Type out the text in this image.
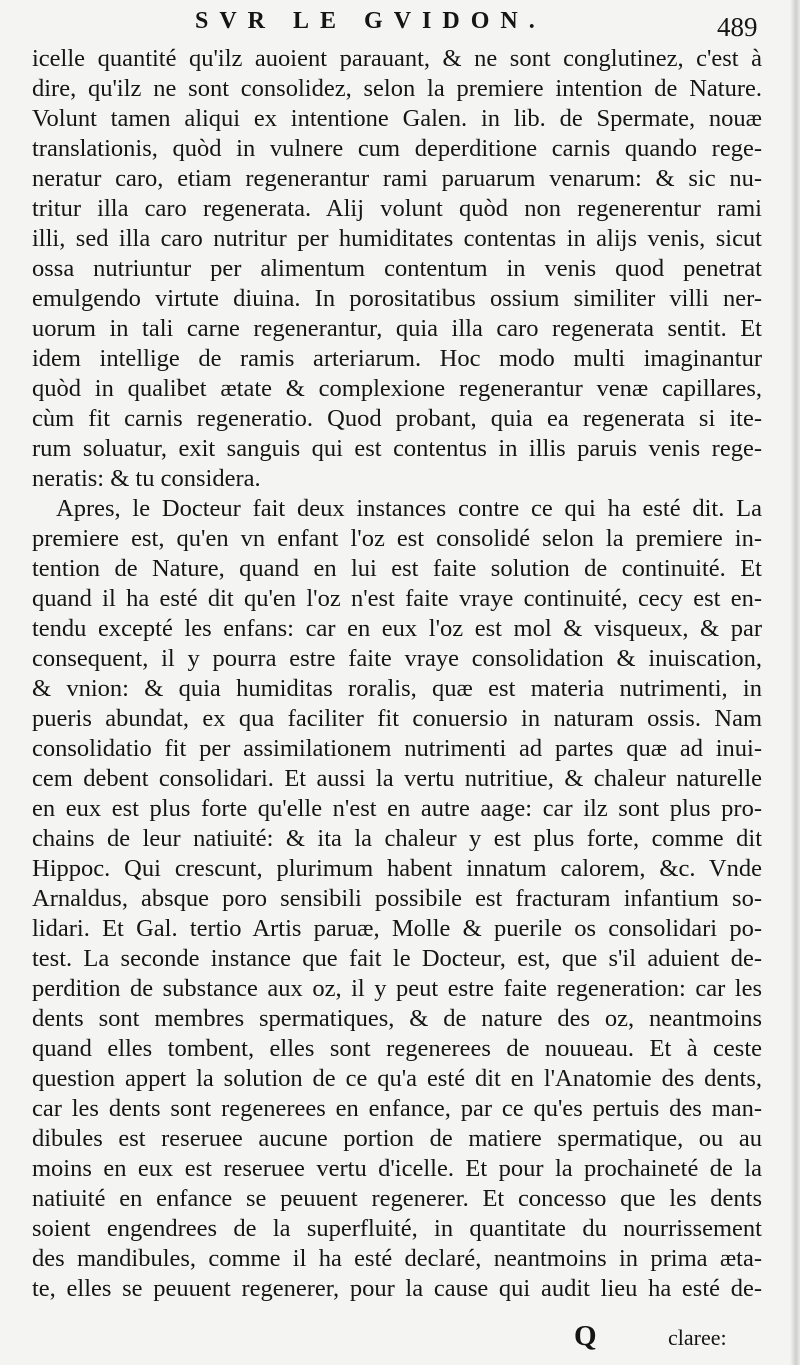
SVR LE GVIDON.	489
icelle quantité qu'ilz auoient parauant, & ne sont conglutinez, c'est à
dire, qu'ilz ne sont consolidez, selon la premiere intention de Nature.
Volunt tamen aliqui ex intentione Galen. in lib. de Spermate, nouæ
translationis, quòd in vulnere cum deperditione carnis quando rege-
neratur caro, etiam regenerantur rami paruarum venarum: & sic nu-
tritur illa caro regenerata. Alij volunt quòd non regenerentur rami
illi, sed illa caro nutritur per humiditates contentas in alijs venis, sicut
ossa nutriuntur per alimentum contentum in venis quod penetrat
emulgendo virtute diuina. In porositatibus ossium similiter villi ner-
uorum in tali carne regenerantur, quia illa caro regenerata sentit. Et
idem intellige de ramis arteriarum. Hoc modo multi imaginantur
quòd in qualibet ætate & complexione regenerantur venæ capillares,
cùm fit carnis regeneratio. Quod probant, quia ea regenerata si ite-
rum soluatur, exit sanguis qui est contentus in illis paruis venis rege-
neratis: & tu considera.
Apres, le Docteur fait deux instances contre ce qui ha esté dit. La
premiere est, qu'en vn enfant l'oz est consolidé selon la premiere in-
tention de Nature, quand en lui est faite solution de continuité. Et
quand il ha esté dit qu'en l'oz n'est faite vraye continuité, cecy est en-
tendu excepté les enfans: car en eux l'oz est mol & visqueux, & par
consequent, il y pourra estre faite vraye consolidation & inuiscation,
& vnion: & quia humiditas roralis, quæ est materia nutrimenti, in
pueris abundat, ex qua faciliter fit conuersio in naturam ossis. Nam
consolidatio fit per assimilationem nutrimenti ad partes quæ ad inui-
cem debent consolidari. Et aussi la vertu nutritiue, & chaleur naturelle
en eux est plus forte qu'elle n'est en autre aage: car ilz sont plus pro-
chains de leur natiuité: & ita la chaleur y est plus forte, comme dit
Hippoc. Qui crescunt, plurimum habent innatum calorem, &c. Vnde
Arnaldus, absque poro sensibili possibile est fracturam infantium so-
lidari. Et Gal. tertio Artis paruæ, Molle & puerile os consolidari po-
test. La seconde instance que fait le Docteur, est, que s'il aduient de-
perdition de substance aux oz, il y peut estre faite regeneration: car les
dents sont membres spermatiques, & de nature des oz, neantmoins
quand elles tombent, elles sont regenerees de nouueau. Et à ceste
question appert la solution de ce qu'a esté dit en l'Anatomie des dents,
car les dents sont regenerees en enfance, par ce qu'es pertuis des man-
dibules est reseruee aucune portion de matiere spermatique, ou au
moins en eux est reseruee vertu d'icelle. Et pour la prochaineté de la
natiuité en enfance se peuuent regenerer. Et concesso que les dents
soient engendrees de la superfluité, in quantitate du nourrissement
des mandibules, comme il ha esté declaré, neantmoins in prima æta-
te, elles se peuuent regenerer, pour la cause qui audit lieu ha esté de-
Q	claree:
